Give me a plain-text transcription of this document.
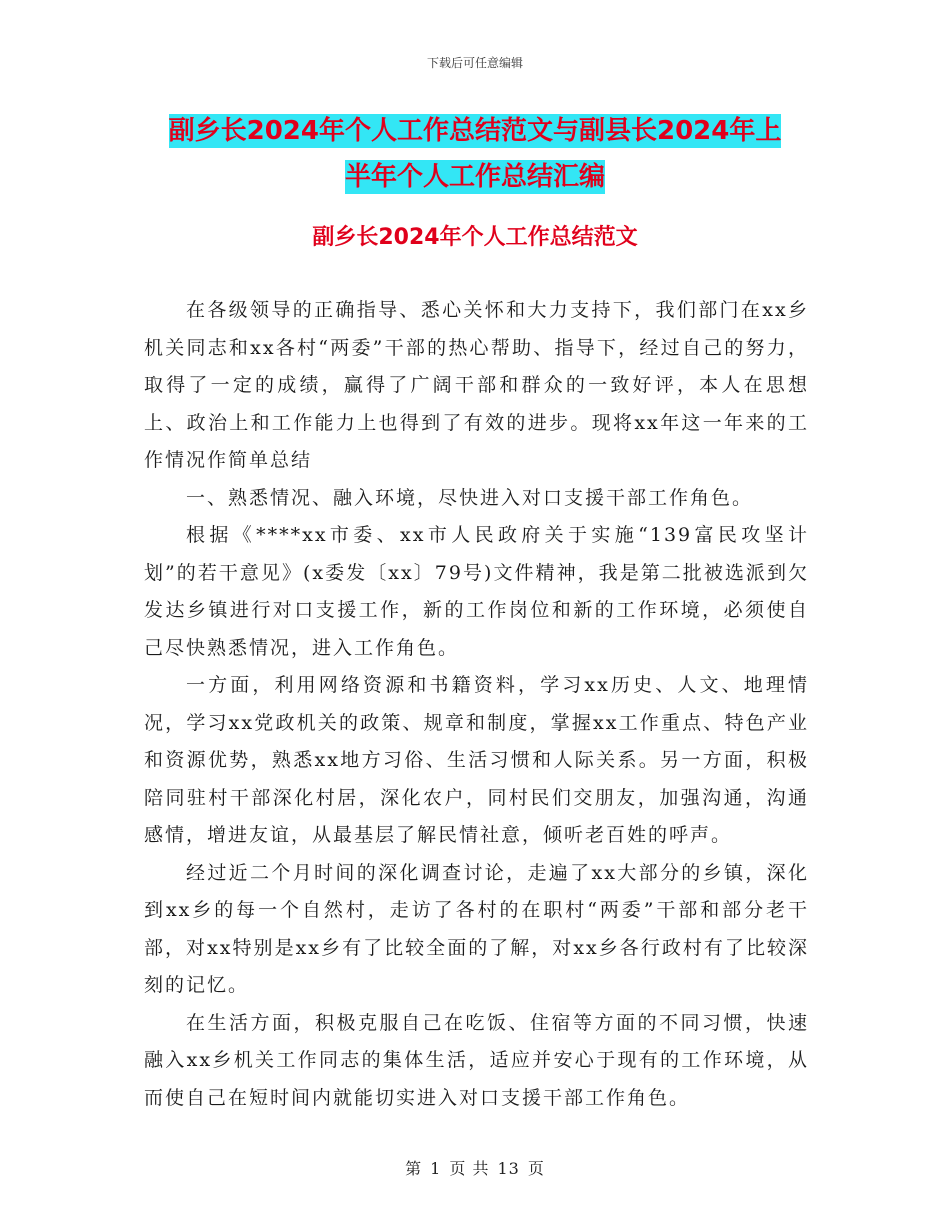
下载后可任意编辑
副乡长2024年个人工作总结范文与副县长2024年上
半年个人工作总结汇编
副乡长2024年个人工作总结范文

在各级领导的正确指导、悉心关怀和大力支持下，我们部门在xx乡机关同志和xx各村“两委”干部的热心帮助、指导下，经过自己的努力，取得了一定的成绩，赢得了广阔干部和群众的一致好评，本人在思想上、政治上和工作能力上也得到了有效的进步。现将xx年这一年来的工作情况作简单总结

一、熟悉情况、融入环境，尽快进入对口支援干部工作角色。

根据《****xx市委、xx市人民政府关于实施“139富民攻坚计划”的若干意见》(x委发〔xx〕79号)文件精神，我是第二批被选派到欠发达乡镇进行对口支援工作，新的工作岗位和新的工作环境，必须使自己尽快熟悉情况，进入工作角色。

一方面，利用网络资源和书籍资料，学习xx历史、人文、地理情况，学习xx党政机关的政策、规章和制度，掌握xx工作重点、特色产业和资源优势，熟悉xx地方习俗、生活习惯和人际关系。另一方面，积极陪同驻村干部深化村居，深化农户，同村民们交朋友，加强沟通，沟通感情，增进友谊，从最基层了解民情社意，倾听老百姓的呼声。

经过近二个月时间的深化调查讨论，走遍了xx大部分的乡镇，深化到xx乡的每一个自然村，走访了各村的在职村“两委”干部和部分老干部，对xx特别是xx乡有了比较全面的了解，对xx乡各行政村有了比较深刻的记忆。

在生活方面，积极克服自己在吃饭、住宿等方面的不同习惯，快速融入xx乡机关工作同志的集体生活，适应并安心于现有的工作环境，从而使自己在短时间内就能切实进入对口支援干部工作角色。

第 1 页 共 13 页
